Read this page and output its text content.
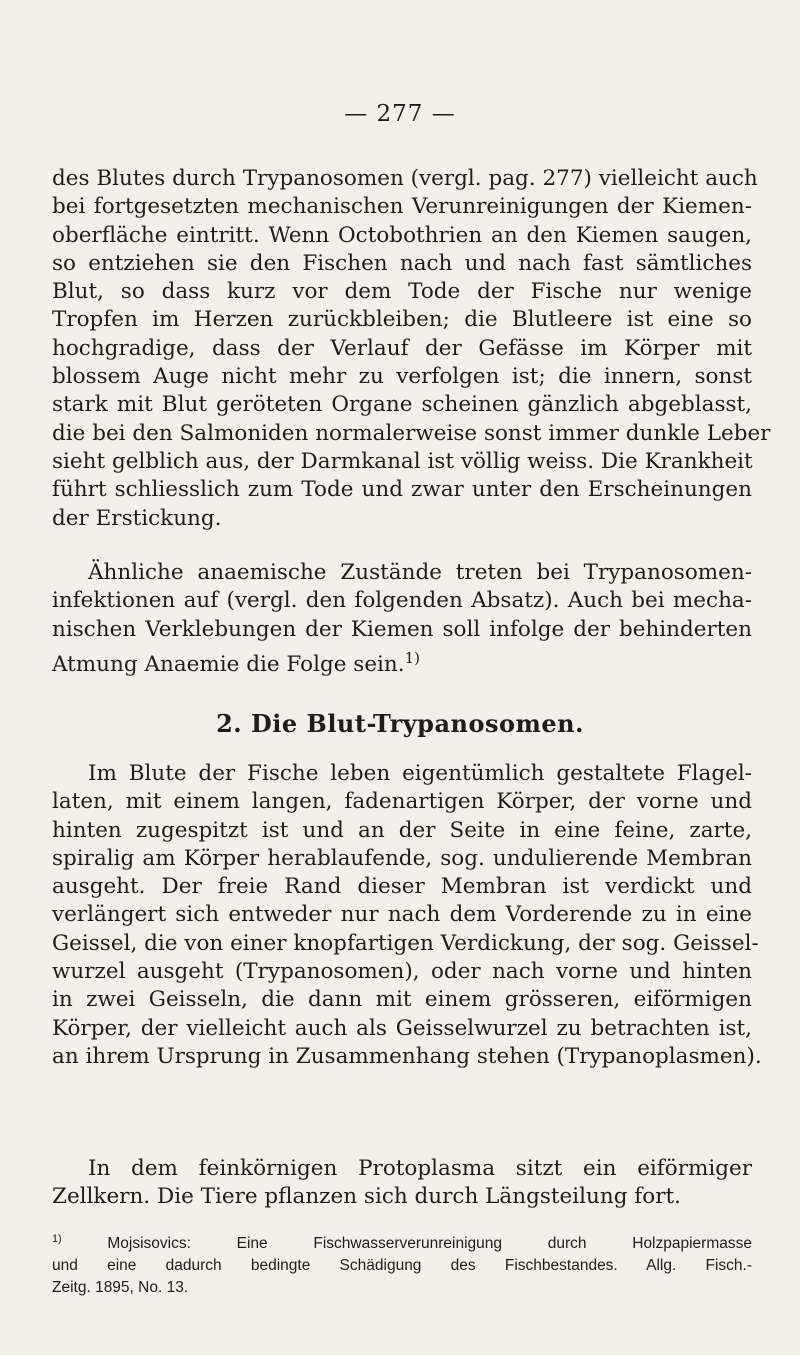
— 277 —
des Blutes durch Trypanosomen (vergl. pag. 277) vielleicht auch
bei fortgesetzten mechanischen Verunreinigungen der Kiemen-
oberfläche eintritt. Wenn Octobothrien an den Kiemen saugen,
so entziehen sie den Fischen nach und nach fast sämtliches
Blut, so dass kurz vor dem Tode der Fische nur wenige
Tropfen im Herzen zurückbleiben; die Blutleere ist eine so
hochgradige, dass der Verlauf der Gefässe im Körper mit
blossem Auge nicht mehr zu verfolgen ist; die innern, sonst
stark mit Blut geröteten Organe scheinen gänzlich abgeblasst,
die bei den Salmoniden normalerweise sonst immer dunkle Leber
sieht gelblich aus, der Darmkanal ist völlig weiss. Die Krankheit
führt schliesslich zum Tode und zwar unter den Erscheinungen
der Erstickung.
Ähnliche anaemische Zustände treten bei Trypanosomen-
infektionen auf (vergl. den folgenden Absatz). Auch bei mecha-
nischen Verklebungen der Kiemen soll infolge der behinderten
Atmung Anaemie die Folge sein.$^{1)}$
2. Die Blut-Trypanosomen.
Im Blute der Fische leben eigentümlich gestaltete Flagel-
laten, mit einem langen, fadenartigen Körper, der vorne und
hinten zugespitzt ist und an der Seite in eine feine, zarte,
spiralig am Körper herablaufende, sog. undulierende Membran
ausgeht. Der freie Rand dieser Membran ist verdickt und
verlängert sich entweder nur nach dem Vorderende zu in eine
Geissel, die von einer knopfartigen Verdickung, der sog. Geissel-
wurzel ausgeht (Trypanosomen), oder nach vorne und hinten
in zwei Geisseln, die dann mit einem grösseren, eiförmigen
Körper, der vielleicht auch als Geisselwurzel zu betrachten ist,
an ihrem Ursprung in Zusammenhang stehen (Trypanoplasmen).
In dem feinkörnigen Protoplasma sitzt ein eiförmiger
Zellkern. Die Tiere pflanzen sich durch Längsteilung fort.
$^{1)}$	Mojsisovics: Eine Fischwasserverunreinigung durch Holzpapiermasse
und eine dadurch bedingte Schädigung des Fischbestandes. Allg. Fisch.-
Zeitg. 1895, No. 13.
